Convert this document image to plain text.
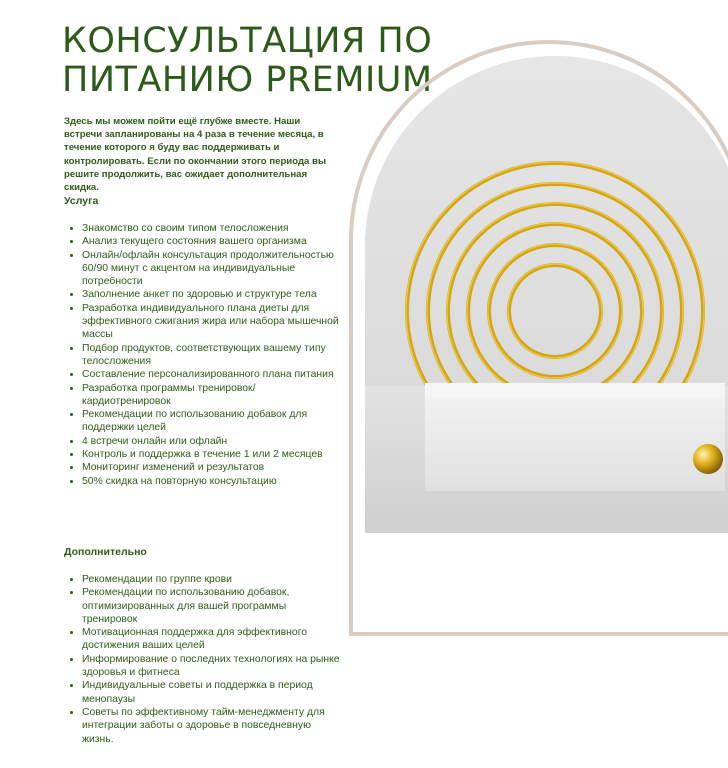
КОНСУЛЬТАЦИЯ ПО ПИТАНИЮ PREMIUM

Здесь мы можем пойти ещё глубже вместе. Наши встречи запланированы на 4 раза в течение месяца, в течение которого я буду вас поддерживать и контролировать. Если по окончании этого периода вы решите продолжить, вас ожидает дополнительная скидка.

Услуга
• Знакомство со своим типом телосложения
• Анализ текущего состояния вашего организма
• Онлайн/офлайн консультация продолжительностью 60/90 минут с акцентом на индивидуальные потребности
• Заполнение анкет по здоровью и структуре тела
• Разработка индивидуального плана диеты для эффективного сжигания жира или набора мышечной массы
• Подбор продуктов, соответствующих вашему типу телосложения
• Составление персонализированного плана питания
• Разработка программы тренировок/ кардиотренировок
• Рекомендации по использованию добавок для поддержки целей
• 4 встречи онлайн или офлайн
• Контроль и поддержка в течение 1 или 2 месяцев
• Мониторинг изменений и результатов
• 50% скидка на повторную консультацию
Дополнительно
• Рекомендации по группе крови
• Рекомендации по использованию добавок, оптимизированных для вашей программы тренировок
• Мотивационная поддержка для эффективного достижения ваших целей
• Информирование о последних технологиях на рынке здоровья и фитнеса
• Индивидуальные советы и поддержка в период менопаузы
• Советы по эффективному тайм-менеджменту для интеграции заботы о здоровье в повседневную жизнь.
